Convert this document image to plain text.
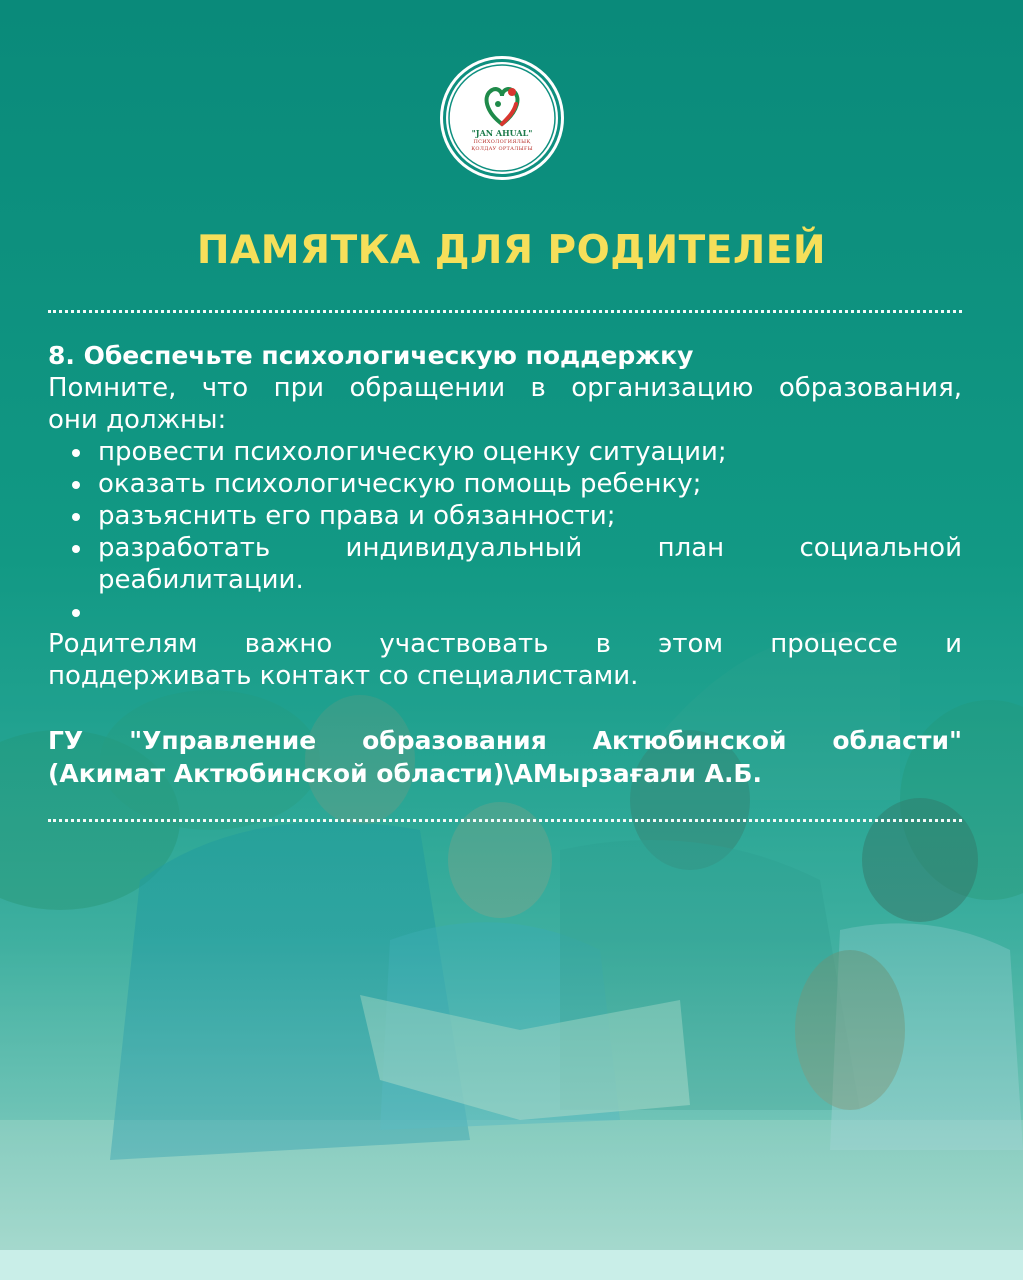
"JAN AHUAL"
ПСИХОЛОГИЯЛЫҚ
ҚОЛДАУ ОРТАЛЫҒЫ
ПАМЯТКА ДЛЯ РОДИТЕЛЕЙ
8. Обеспечьте психологическую поддержку
Помните, что при обращении в организацию образования,
они должны:
провести психологическую оценку ситуации;
оказать психологическую помощь ребенку;
разъяснить его права и обязанности;
разработать индивидуальный план социальной
реабилитации.
Родителям важно участвовать в этом процессе и
поддерживать контакт со специалистами.
ГУ "Управление образования Актюбинской области"
(Акимат Актюбинской области)\АМырзағали А.Б.
